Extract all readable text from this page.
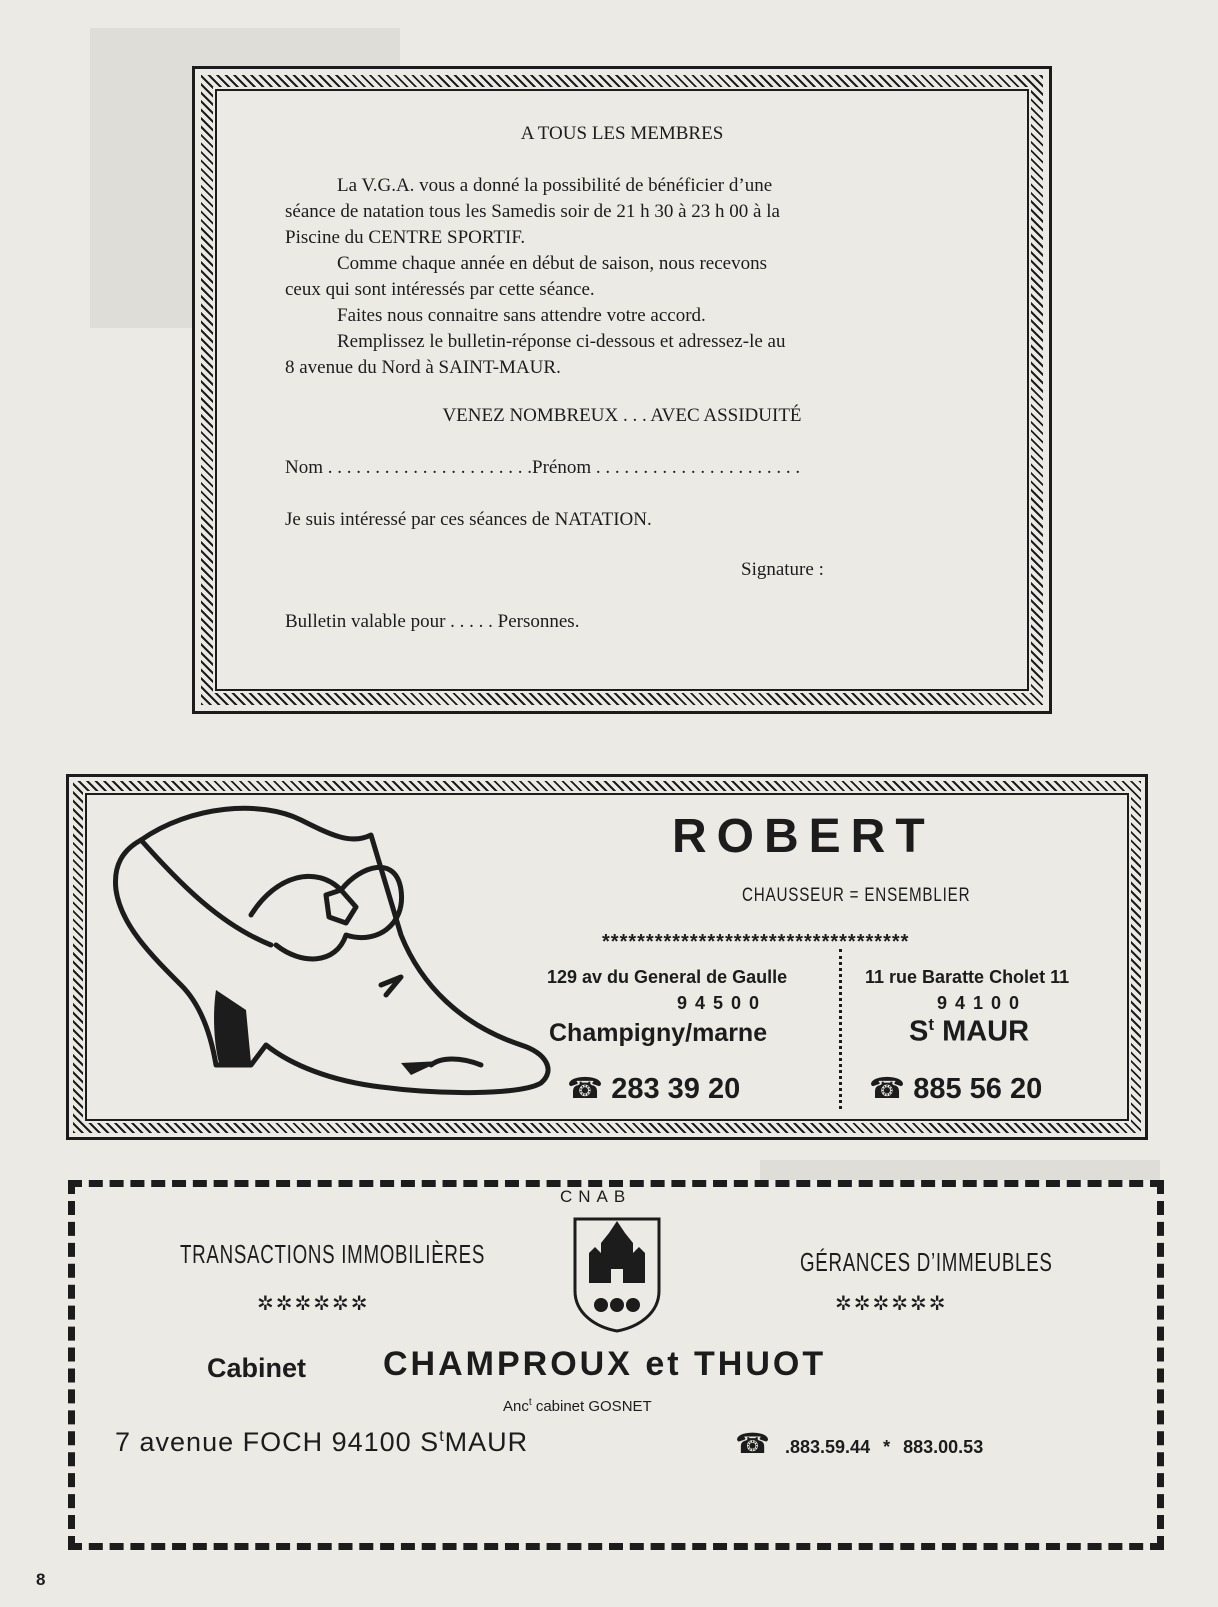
A TOUS LES MEMBRES
La V.G.A. vous a donné la possibilité de bénéficier d’une
séance de natation tous les Samedis soir de 21 h 30 à 23 h 00 à la
Piscine du CENTRE SPORTIF.
Comme chaque année en début de saison, nous recevons
ceux qui sont intéressés par cette séance.
Faites nous connaitre sans attendre votre accord.
Remplissez le bulletin-réponse ci-dessous et adressez-le au
8 avenue du Nord à SAINT-MAUR.
VENEZ NOMBREUX . . . AVEC ASSIDUITÉ
Nom . . . . . . . . . . . . . . . . . . . . . .Prénom . . . . . . . . . . . . . . . . . . . . . .
Je suis intéressé par ces séances de NATATION.
Signature :
Bulletin valable pour . . . . . Personnes.
ROBERT
CHAUSSEUR = ENSEMBLIER
***********************************
129 av du General de Gaulle
94500
Champigny/marne
☎ 283 39 20
11 rue Baratte Cholet 11
94100
$S^t$ MAUR
☎ 885 56 20
CNAB
TRANSACTIONS IMMOBILIÈRES	GÉRANCES D’IMMEUBLES
✲✲✲✲✲✲	✲✲✲✲✲✲
Cabinet CHAMPROUX et THUOT
Anc$^t$ cabinet GOSNET
7 avenue FOCH 94100 $S^tMAUR$	☎ .883.59.44 * 883.00.53
8
